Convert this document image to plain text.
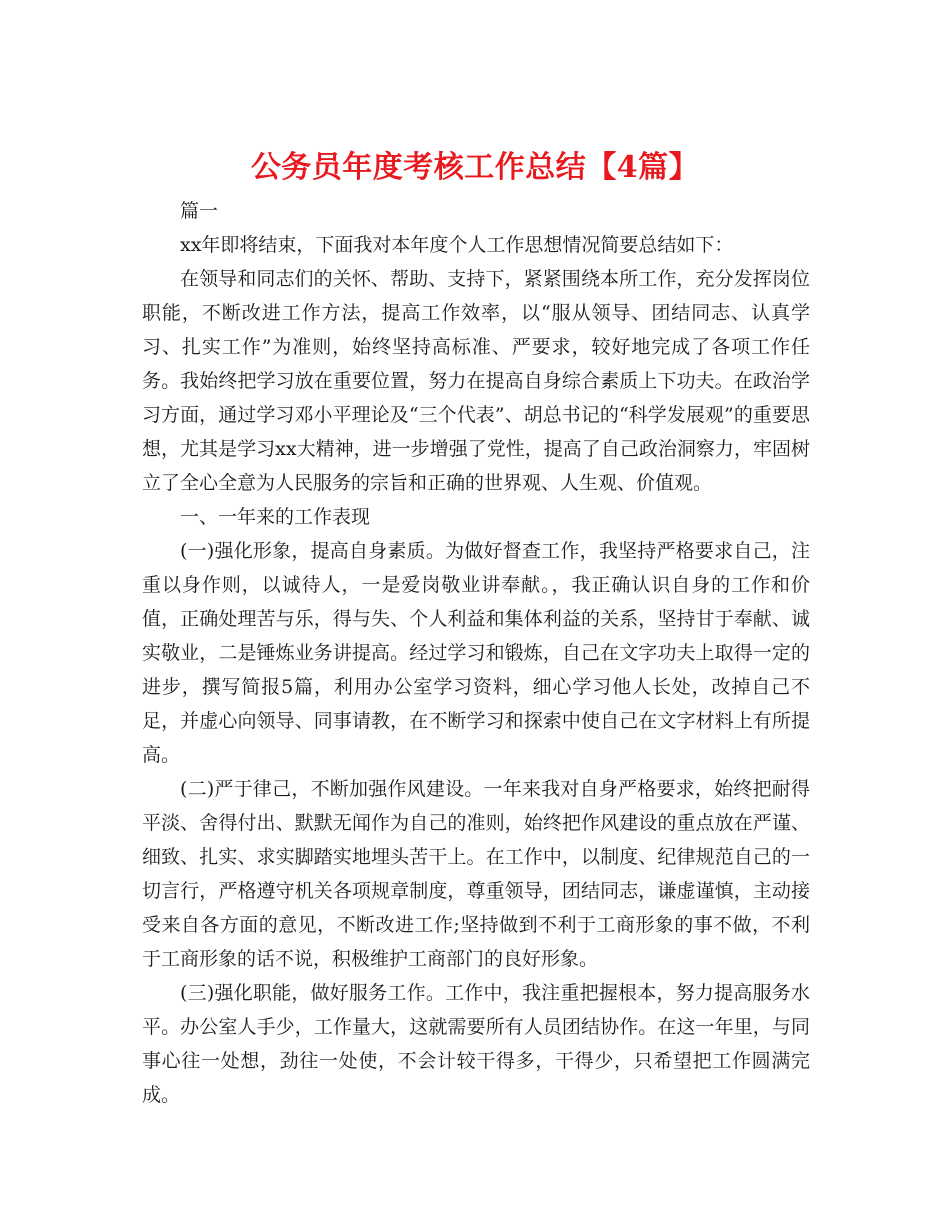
公务员年度考核工作总结【4篇】

篇一

xx年即将结束，下面我对本年度个人工作思想情况简要总结如下：

在领导和同志们的关怀、帮助、支持下，紧紧围绕本所工作，充分发挥岗位职能，不断改进工作方法，提高工作效率，以“服从领导、团结同志、认真学习、扎实工作”为准则，始终坚持高标准、严要求，较好地完成了各项工作任务。我始终把学习放在重要位置，努力在提高自身综合素质上下功夫。在政治学习方面，通过学习邓小平理论及“三个代表”、胡总书记的“科学发展观”的重要思想，尤其是学习xx大精神，进一步增强了党性，提高了自己政治洞察力，牢固树立了全心全意为人民服务的宗旨和正确的世界观、人生观、价值观。

一、一年来的工作表现

(一)强化形象，提高自身素质。为做好督查工作，我坚持严格要求自己，注重以身作则，以诚待人，一是爱岗敬业讲奉献。，我正确认识自身的工作和价值，正确处理苦与乐，得与失、个人利益和集体利益的关系，坚持甘于奉献、诚实敬业，二是锤炼业务讲提高。经过学习和锻炼，自己在文字功夫上取得一定的进步，撰写简报5篇，利用办公室学习资料，细心学习他人长处，改掉自己不足，并虚心向领导、同事请教，在不断学习和探索中使自己在文字材料上有所提高。

(二)严于律己，不断加强作风建设。一年来我对自身严格要求，始终把耐得平淡、舍得付出、默默无闻作为自己的准则，始终把作风建设的重点放在严谨、细致、扎实、求实脚踏实地埋头苦干上。在工作中，以制度、纪律规范自己的一切言行，严格遵守机关各项规章制度，尊重领导，团结同志，谦虚谨慎，主动接受来自各方面的意见，不断改进工作;坚持做到不利于工商形象的事不做，不利于工商形象的话不说，积极维护工商部门的良好形象。

(三)强化职能，做好服务工作。工作中，我注重把握根本，努力提高服务水平。办公室人手少，工作量大，这就需要所有人员团结协作。在这一年里，与同事心往一处想，劲往一处使，不会计较干得多，干得少，只希望把工作圆满完成。
